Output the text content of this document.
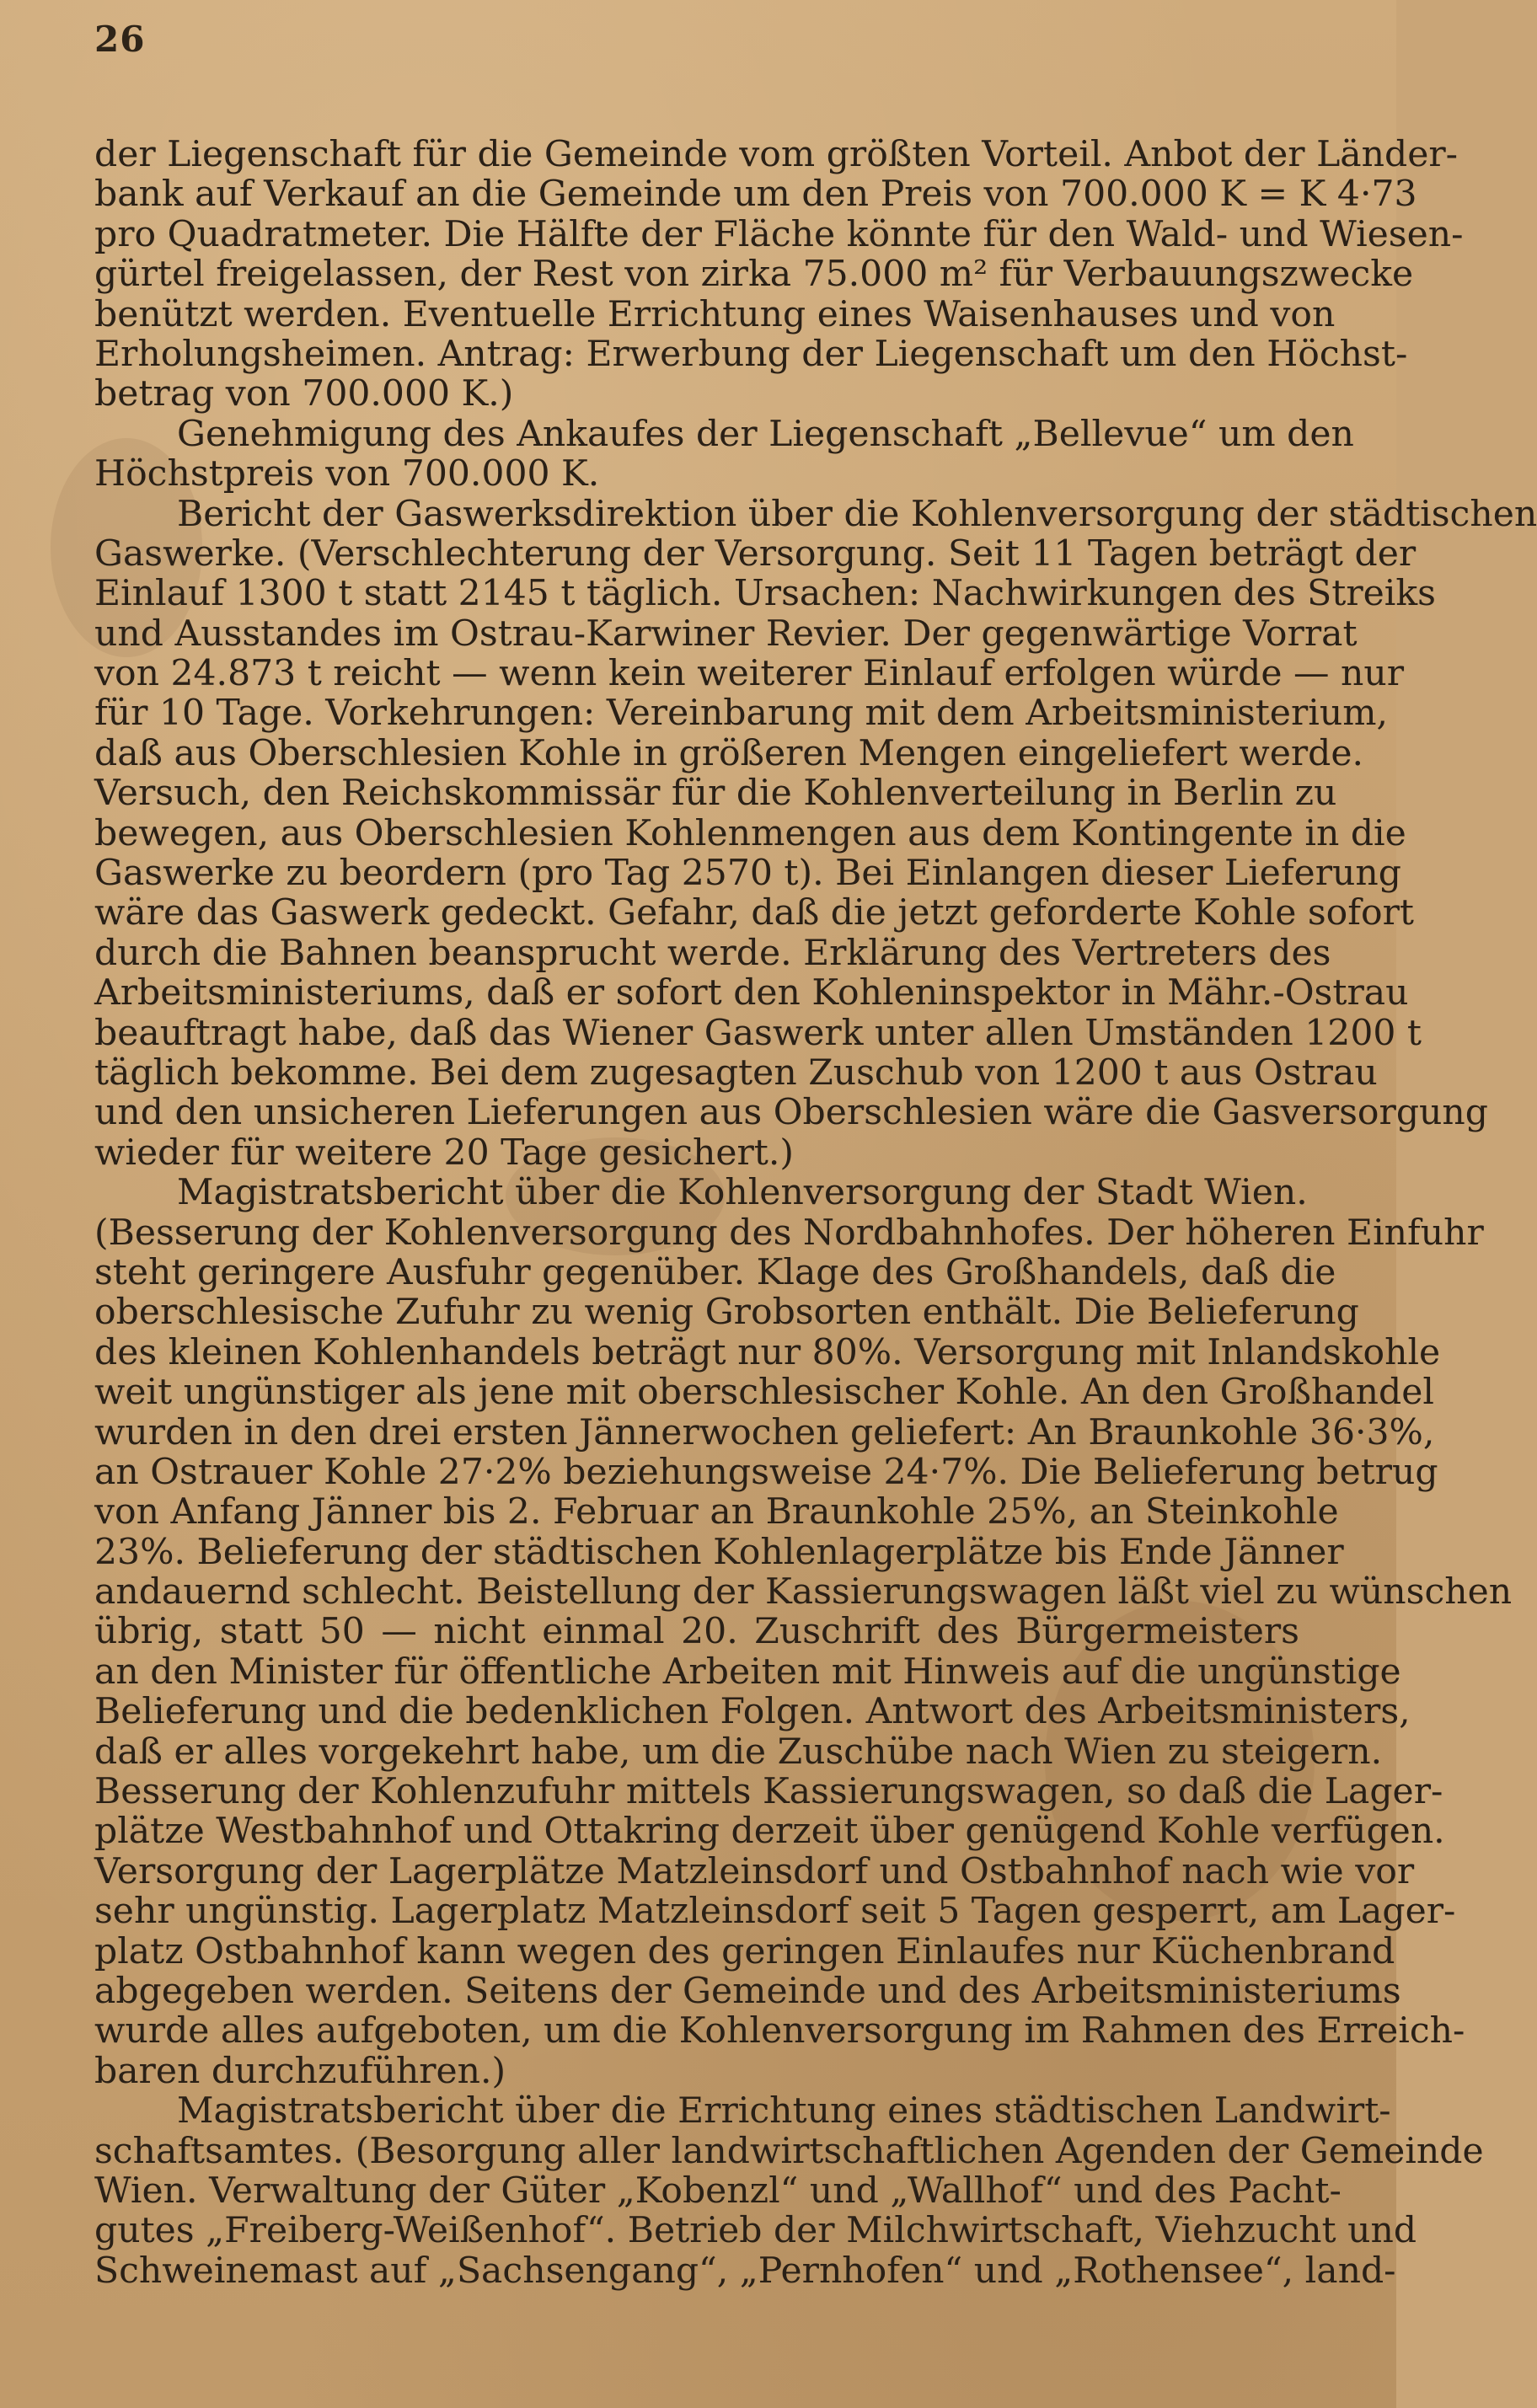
26
der Liegenschaft für die Gemeinde vom größten Vorteil. Anbot der Länder-
bank auf Verkauf an die Gemeinde um den Preis von 700.000 K = K 4·73
pro Quadratmeter. Die Hälfte der Fläche könnte für den Wald- und Wiesen-
gürtel freigelassen, der Rest von zirka 75.000 m² für Verbauungszwecke
benützt werden. Eventuelle Errichtung eines Waisenhauses und von
Erholungsheimen. Antrag: Erwerbung der Liegenschaft um den Höchst-
betrag von 700.000 K.)
Genehmigung des Ankaufes der Liegenschaft „Bellevue“ um den
Höchstpreis von 700.000 K.
Bericht der Gaswerksdirektion über die Kohlenversorgung der städtischen
Gaswerke. (Verschlechterung der Versorgung. Seit 11 Tagen beträgt der
Einlauf 1300 t statt 2145 t täglich. Ursachen: Nachwirkungen des Streiks
und Ausstandes im Ostrau-Karwiner Revier. Der gegenwärtige Vorrat
von 24.873 t reicht — wenn kein weiterer Einlauf erfolgen würde — nur
für 10 Tage. Vorkehrungen: Vereinbarung mit dem Arbeitsministerium,
daß aus Oberschlesien Kohle in größeren Mengen eingeliefert werde.
Versuch, den Reichskommissär für die Kohlenverteilung in Berlin zu
bewegen, aus Oberschlesien Kohlenmengen aus dem Kontingente in die
Gaswerke zu beordern (pro Tag 2570 t). Bei Einlangen dieser Lieferung
wäre das Gaswerk gedeckt. Gefahr, daß die jetzt geforderte Kohle sofort
durch die Bahnen beansprucht werde. Erklärung des Vertreters des
Arbeitsministeriums, daß er sofort den Kohleninspektor in Mähr.-Ostrau
beauftragt habe, daß das Wiener Gaswerk unter allen Umständen 1200 t
täglich bekomme. Bei dem zugesagten Zuschub von 1200 t aus Ostrau
und den unsicheren Lieferungen aus Oberschlesien wäre die Gasversorgung
wieder für weitere 20 Tage gesichert.)
Magistratsbericht über die Kohlenversorgung der Stadt Wien.
(Besserung der Kohlenversorgung des Nordbahnhofes. Der höheren Einfuhr
steht geringere Ausfuhr gegenüber. Klage des Großhandels, daß die
oberschlesische Zufuhr zu wenig Grobsorten enthält. Die Belieferung
des kleinen Kohlenhandels beträgt nur 80%. Versorgung mit Inlandskohle
weit ungünstiger als jene mit oberschlesischer Kohle. An den Großhandel
wurden in den drei ersten Jännerwochen geliefert: An Braunkohle 36·3%,
an Ostrauer Kohle 27·2% beziehungsweise 24·7%. Die Belieferung betrug
von Anfang Jänner bis 2. Februar an Braunkohle 25%, an Steinkohle
23%. Belieferung der städtischen Kohlenlagerplätze bis Ende Jänner
andauernd schlecht. Beistellung der Kassierungswagen läßt viel zu wünschen
übrig, statt 50 — nicht einmal 20. Zuschrift des Bürgermeisters
an den Minister für öffentliche Arbeiten mit Hinweis auf die ungünstige
Belieferung und die bedenklichen Folgen. Antwort des Arbeitsministers,
daß er alles vorgekehrt habe, um die Zuschübe nach Wien zu steigern.
Besserung der Kohlenzufuhr mittels Kassierungswagen, so daß die Lager-
plätze Westbahnhof und Ottakring derzeit über genügend Kohle verfügen.
Versorgung der Lagerplätze Matzleinsdorf und Ostbahnhof nach wie vor
sehr ungünstig. Lagerplatz Matzleinsdorf seit 5 Tagen gesperrt, am Lager-
platz Ostbahnhof kann wegen des geringen Einlaufes nur Küchenbrand
abgegeben werden. Seitens der Gemeinde und des Arbeitsministeriums
wurde alles aufgeboten, um die Kohlenversorgung im Rahmen des Erreich-
baren durchzuführen.)
Magistratsbericht über die Errichtung eines städtischen Landwirt-
schaftsamtes. (Besorgung aller landwirtschaftlichen Agenden der Gemeinde
Wien. Verwaltung der Güter „Kobenzl“ und „Wallhof“ und des Pacht-
gutes „Freiberg-Weißenhof“. Betrieb der Milchwirtschaft, Viehzucht und
Schweinemast auf „Sachsengang“, „Pernhofen“ und „Rothensee“, land-
